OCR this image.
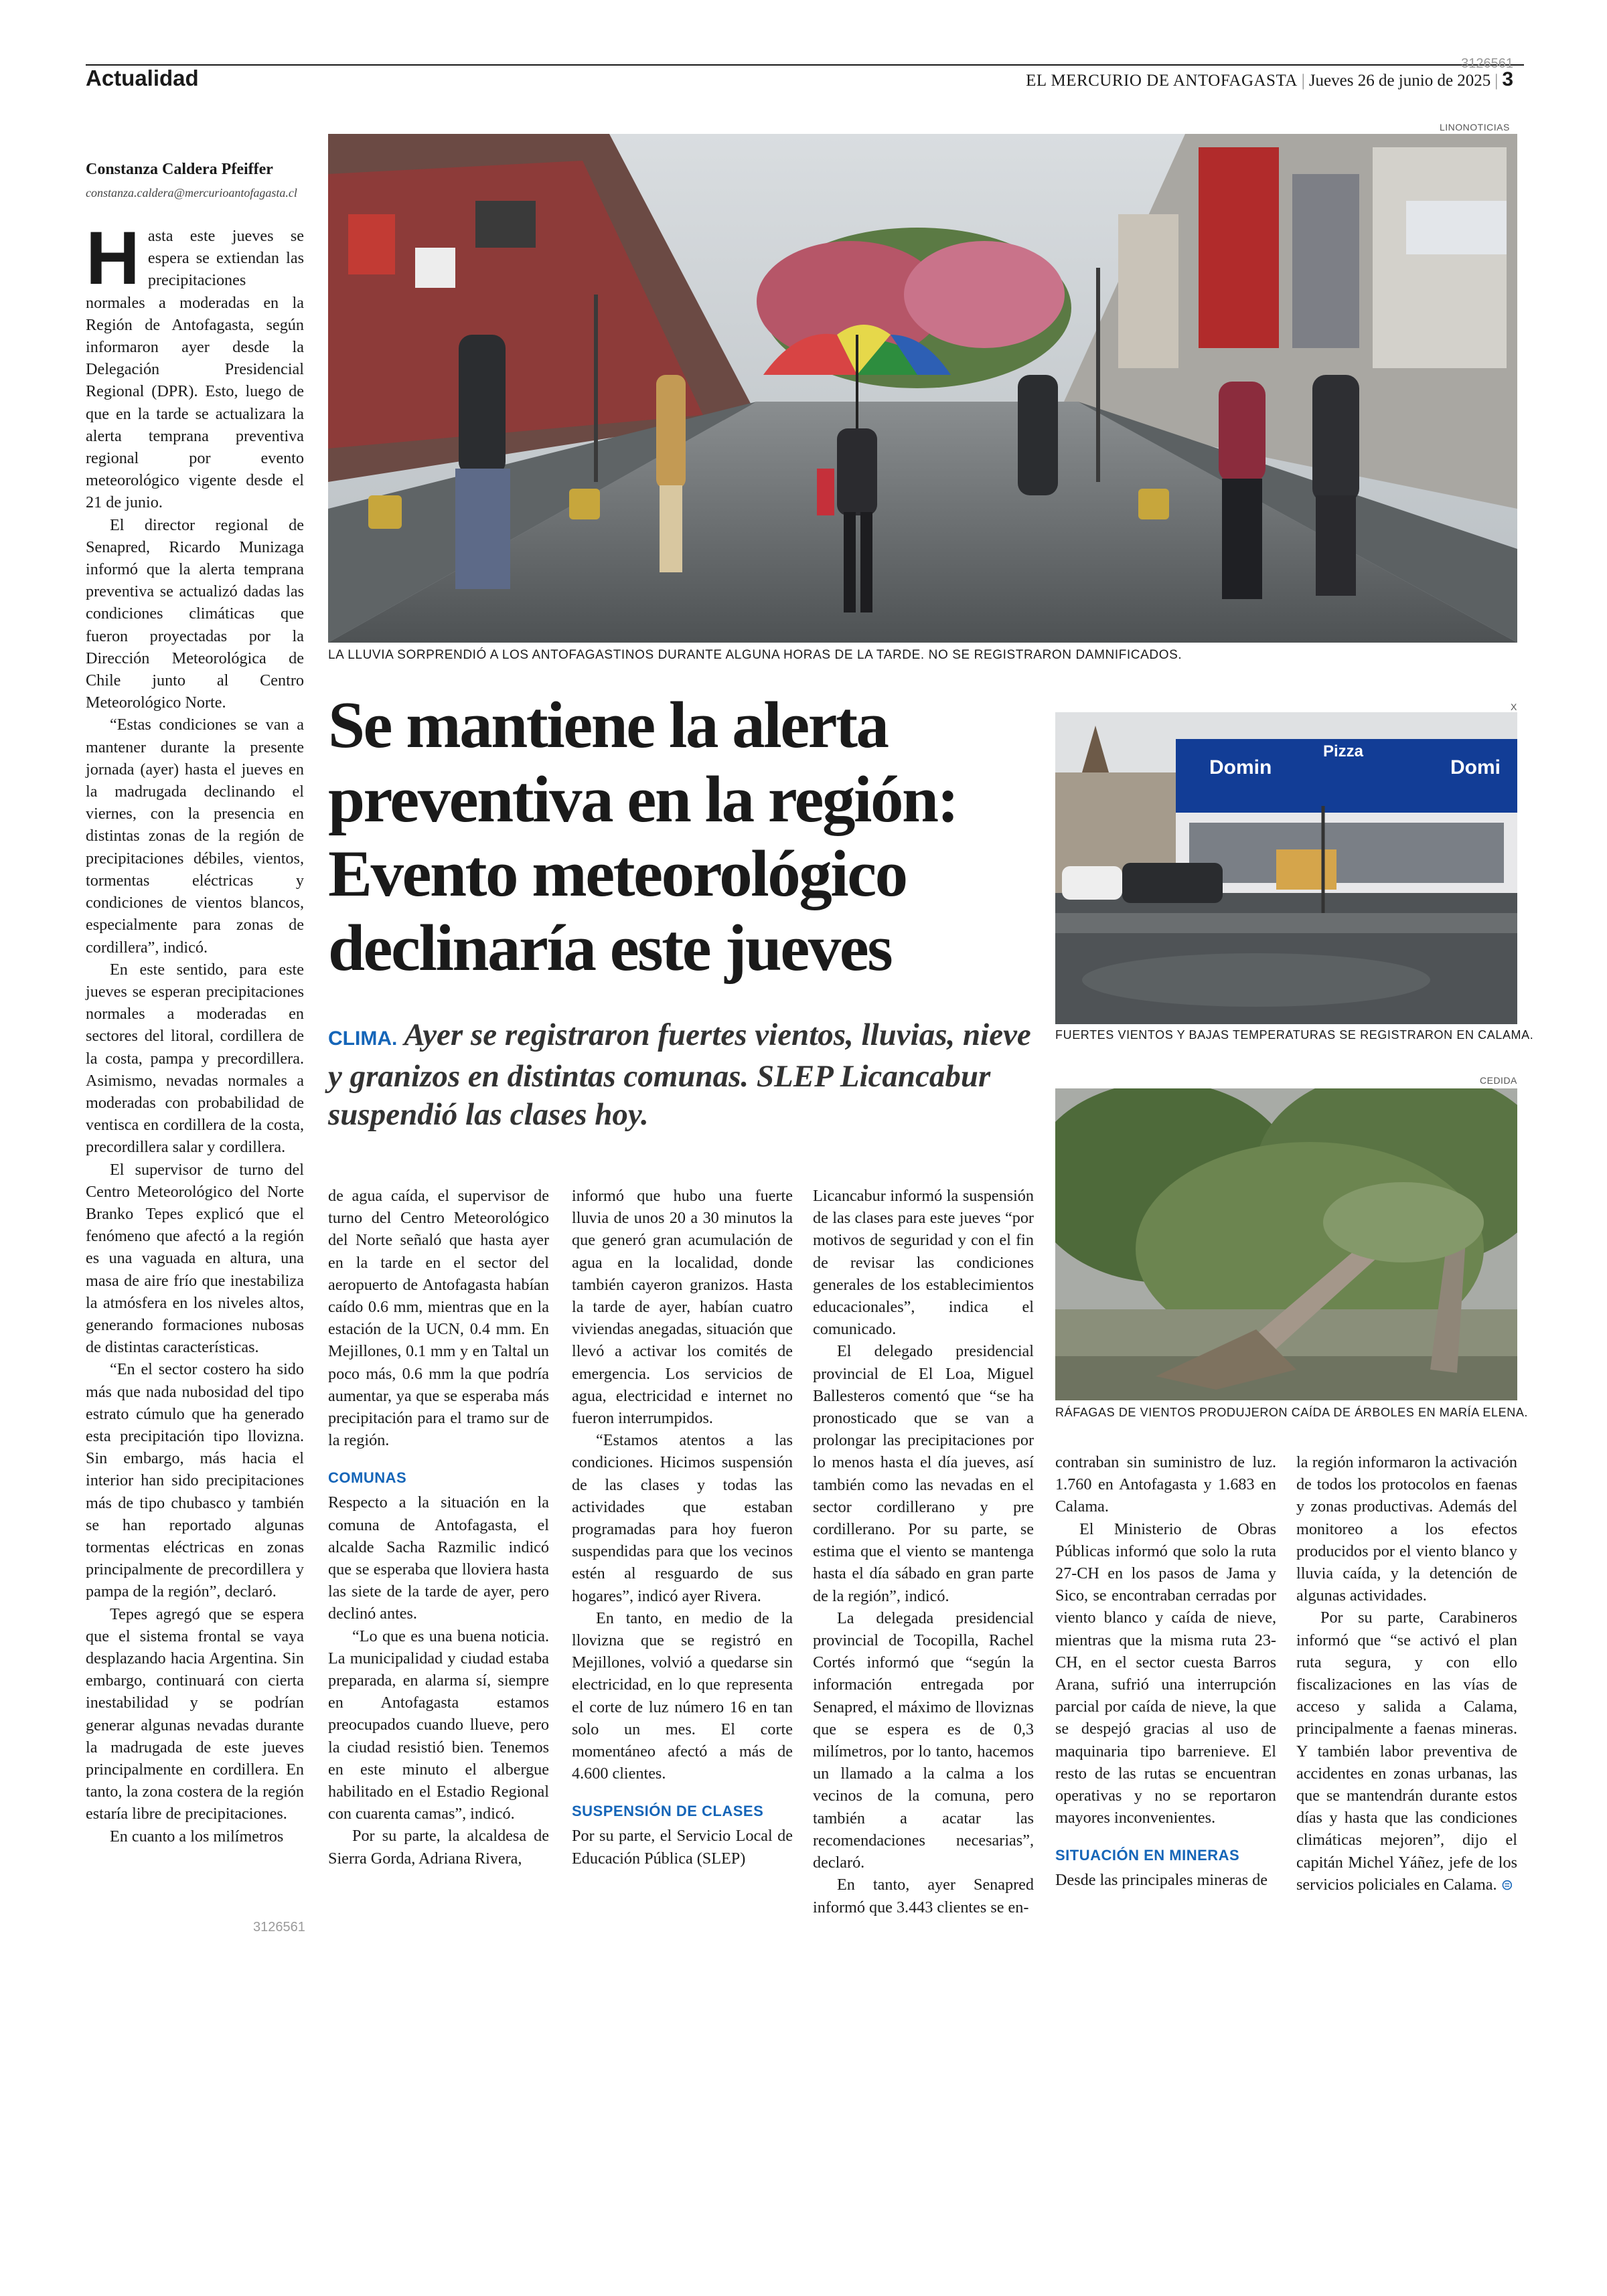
Actualidad
3126561
EL MERCURIO DE ANTOFAGASTA | Jueves 26 de junio de 2025 | 3
Constanza Caldera Pfeiffer
constanza.caldera@mercurioantofagasta.cl
LINONOTICIAS
LA LLUVIA SORPRENDIÓ A LOS ANTOFAGASTINOS DURANTE ALGUNA HORAS DE LA TARDE. NO SE REGISTRARON DAMNIFICADOS.
Se mantiene la alerta preventiva en la región: Evento meteorológico declinaría este jueves
CLIMA. Ayer se registraron fuertes vientos, lluvias, nieve y granizos en distintas comunas. SLEP Licancabur suspendió las clases hoy.
X
Domin
Pizza
Domi
FUERTES VIENTOS Y BAJAS TEMPERATURAS SE REGISTRARON EN CALAMA.
CEDIDA
RÁFAGAS DE VIENTOS PRODUJERON CAÍDA DE ÁRBOLES EN MARÍA ELENA.

Hasta este jueves se espera se extiendan las precipitaciones normales a moderadas en la Región de Antofagasta, según informaron ayer desde la Delegación Presidencial Regional (DPR). Esto, luego de que en la tarde se actualizara la alerta temprana preventiva regional por evento meteorológico vigente desde el 21 de junio.

El director regional de Senapred, Ricardo Munizaga informó que la alerta temprana preventiva se actualizó dadas las condiciones climáticas que fueron proyectadas por la Dirección Meteorológica de Chile junto al Centro Meteorológico Norte.

“Estas condiciones se van a mantener durante la presente jornada (ayer) hasta el jueves en la madrugada declinando el viernes, con la presencia en distintas zonas de la región de precipitaciones débiles, vientos, tormentas eléctricas y condiciones de vientos blancos, especialmente para zonas de cordillera”, indicó.

En este sentido, para este jueves se esperan precipitaciones normales a moderadas en sectores del litoral, cordillera de la costa, pampa y precordillera. Asimismo, nevadas normales a moderadas con probabilidad de ventisca en cordillera de la costa, precordillera salar y cordillera.

El supervisor de turno del Centro Meteorológico del Norte Branko Tepes explicó que el fenómeno que afectó a la región es una vaguada en altura, una masa de aire frío que inestabiliza la atmósfera en los niveles altos, generando formaciones nubosas de distintas características.

“En el sector costero ha sido más que nada nubosidad del tipo estrato cúmulo que ha generado esta precipitación tipo llovizna. Sin embargo, más hacia el interior han sido precipitaciones más de tipo chubasco y también se han reportado algunas tormentas eléctricas en zonas principalmente de precordillera y pampa de la región”, declaró.

Tepes agregó que se espera que el sistema frontal se vaya desplazando hacia Argentina. Sin embargo, continuará con cierta inestabilidad y se podrían generar algunas nevadas durante la madrugada de este jueves principalmente en cordillera. En tanto, la zona costera de la región estaría libre de precipitaciones.

En cuanto a los milímetros

de agua caída, el supervisor de turno del Centro Meteorológico del Norte señaló que hasta ayer en la tarde en el sector del aeropuerto de Antofagasta habían caído 0.6 mm, mientras que en la estación de la UCN, 0.4 mm. En Mejillones, 0.1 mm y en Taltal un poco más, 0.6 mm la que podría aumentar, ya que se esperaba más precipitación para el tramo sur de la región.

COMUNAS

Respecto a la situación en la comuna de Antofagasta, el alcalde Sacha Razmilic indicó que se esperaba que lloviera hasta las siete de la tarde de ayer, pero declinó antes.

“Lo que es una buena noticia. La municipalidad y ciudad estaba preparada, en alarma sí, siempre en Antofagasta estamos preocupados cuando llueve, pero la ciudad resistió bien. Tenemos en este minuto el albergue habilitado en el Estadio Regional con cuarenta camas”, indicó.

Por su parte, la alcaldesa de Sierra Gorda, Adriana Rivera,

informó que hubo una fuerte lluvia de unos 20 a 30 minutos la que generó gran acumulación de agua en la localidad, donde también cayeron granizos. Hasta la tarde de ayer, habían cuatro viviendas anegadas, situación que llevó a activar los comités de emergencia. Los servicios de agua, electricidad e internet no fueron interrumpidos.

“Estamos atentos a las condiciones. Hicimos suspensión de las clases y todas las actividades que estaban programadas para hoy fueron suspendidas para que los vecinos estén al resguardo de sus hogares”, indicó ayer Rivera.

En tanto, en medio de la llovizna que se registró en Mejillones, volvió a quedarse sin electricidad, en lo que representa el corte de luz número 16 en tan solo un mes. El corte momentáneo afectó a más de 4.600 clientes.

SUSPENSIÓN DE CLASES

Por su parte, el Servicio Local de Educación Pública (SLEP)

Licancabur informó la suspensión de las clases para este jueves “por motivos de seguridad y con el fin de revisar las condiciones generales de los establecimientos educacionales”, indica el comunicado.

El delegado presidencial provincial de El Loa, Miguel Ballesteros comentó que “se ha pronosticado que se van a prolongar las precipitaciones por lo menos hasta el día jueves, así también como las nevadas en el sector cordillerano y pre cordillerano. Por su parte, se estima que el viento se mantenga hasta el día sábado en gran parte de la región”, indicó.

La delegada presidencial provincial de Tocopilla, Rachel Cortés informó que “según la información entregada por Senapred, el máximo de lloviznas que se espera es de 0,3 milímetros, por lo tanto, hacemos un llamado a la calma a los vecinos de la comuna, pero también a acatar las recomendaciones necesarias”, declaró.

En tanto, ayer Senapred informó que 3.443 clientes se en-

contraban sin suministro de luz. 1.760 en Antofagasta y 1.683 en Calama.

El Ministerio de Obras Públicas informó que solo la ruta 27-CH en los pasos de Jama y Sico, se encontraban cerradas por viento blanco y caída de nieve, mientras que la misma ruta 23-CH, en el sector cuesta Barros Arana, sufrió una interrupción parcial por caída de nieve, la que se despejó gracias al uso de maquinaria tipo barrenieve. El resto de las rutas se encuentran operativas y no se reportaron mayores inconvenientes.

SITUACIÓN EN MINERAS

Desde las principales mineras de

la región informaron la activación de todos los protocolos en faenas y zonas productivas. Además del monitoreo a los efectos producidos por el viento blanco y lluvia caída, y la detención de algunas actividades.

Por su parte, Carabineros informó que “se activó el plan ruta segura, y con ello fiscalizaciones en las vías de acceso y salida a Calama, principalmente a faenas mineras. Y también labor preventiva de accidentes en zonas urbanas, las que se mantendrán durante estos días y hasta que las condiciones climáticas mejoren”, dijo el capitán Michel Yáñez, jefe de los servicios policiales en Calama. ⊜

3126561
